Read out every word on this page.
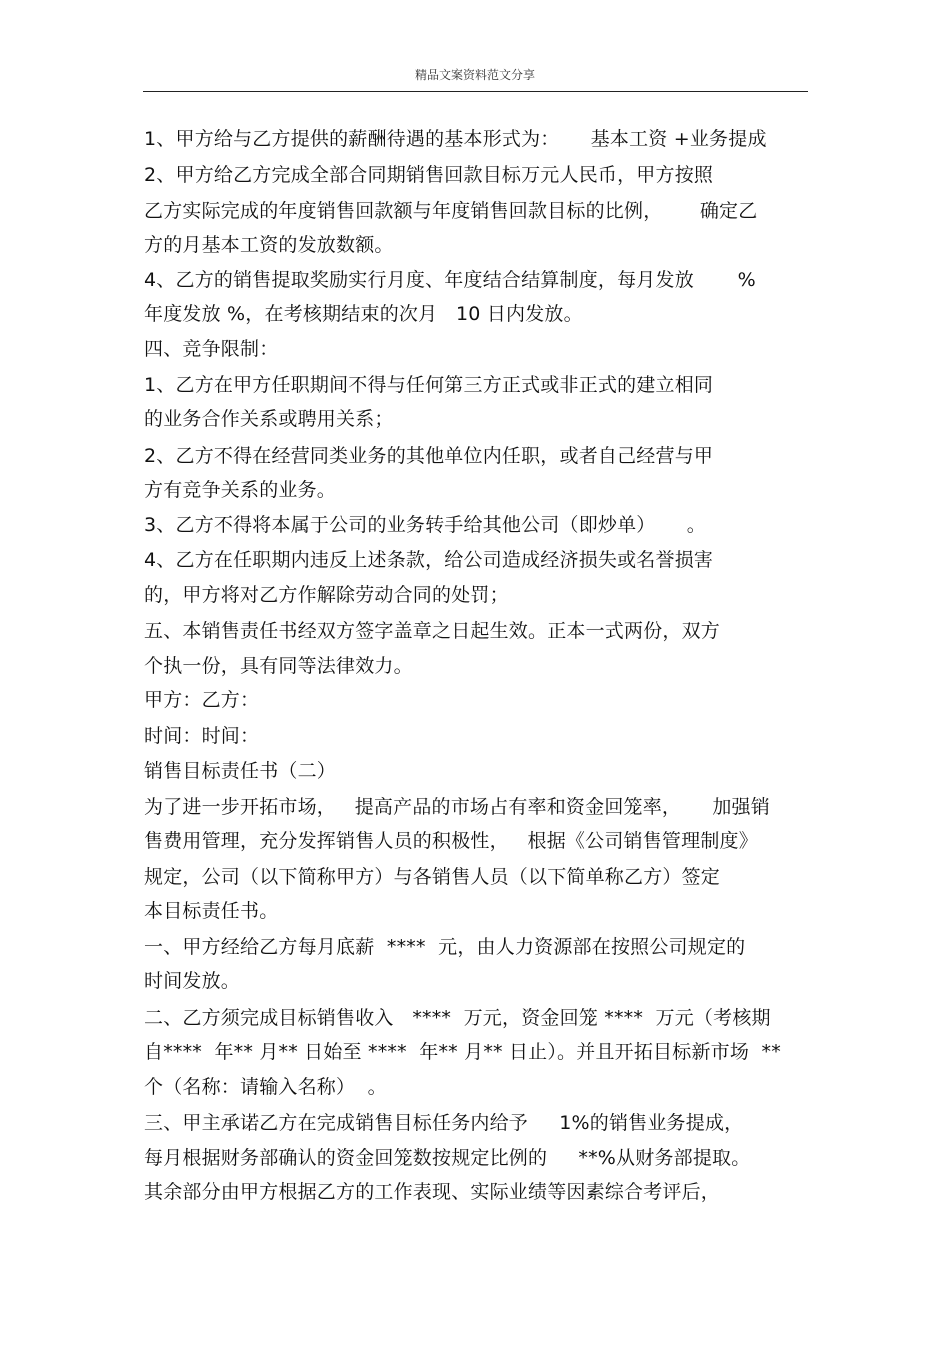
精品文案资料范文分享
1、甲方给与乙方提供的薪酬待遇的基本形式为：     基本工资 +业务提成
2、甲方给乙方完成全部合同期销售回款目标万元人民币，甲方按照
乙方实际完成的年度销售回款额与年度销售回款目标的比例，      确定乙
方的月基本工资的发放数额。
4、乙方的销售提取奖励实行月度、年度结合结算制度，每月发放       %
年度发放 %，在考核期结束的次月   10 日内发放。
四、竞争限制：
1、乙方在甲方任职期间不得与任何第三方正式或非正式的建立相同
的业务合作关系或聘用关系；
2、乙方不得在经营同类业务的其他单位内任职，或者自己经营与甲
方有竞争关系的业务。
3、乙方不得将本属于公司的业务转手给其他公司（即炒单）     。
4、乙方在任职期内违反上述条款，给公司造成经济损失或名誉损害
的，甲方将对乙方作解除劳动合同的处罚；
五、本销售责任书经双方签字盖章之日起生效。正本一式两份，双方
个执一份，具有同等法律效力。
甲方：乙方：
时间：时间：
销售目标责任书（二）
为了进一步开拓市场，   提高产品的市场占有率和资金回笼率，     加强销
售费用管理，充分发挥销售人员的积极性，   根据《公司销售管理制度》
规定，公司（以下简称甲方）与各销售人员（以下简单称乙方）签定
本目标责任书。
一、甲方经给乙方每月底薪  ****  元，由人力资源部在按照公司规定的
时间发放。
二、乙方须完成目标销售收入   ****  万元，资金回笼 ****  万元（考核期
自****  年** 月** 日始至 ****  年** 月** 日止）。并且开拓目标新市场  **
个（名称：请输入名称）  。
三、甲主承诺乙方在完成销售目标任务内给予     1%的销售业务提成，
每月根据财务部确认的资金回笼数按规定比例的     **%从财务部提取。
其余部分由甲方根据乙方的工作表现、实际业绩等因素综合考评后，
